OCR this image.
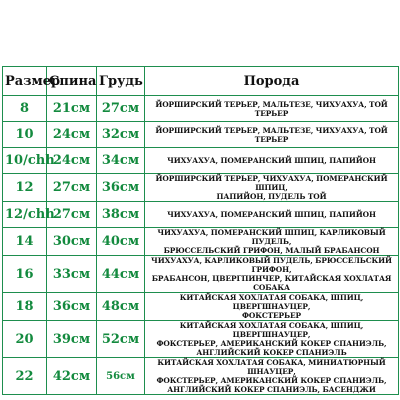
Размер	Спина	Грудь	Порода
8	21см	27см	ЙОРШИРСКИЙ ТЕРЬЕР, МАЛЬТЕЗЕ, ЧИХУАХУА, ТОЙ ТЕРЬЕР

10	24см	32см	ЙОРШИРСКИЙ ТЕРЬЕР, МАЛЬТЕЗЕ, ЧИХУАХУА, ТОЙ ТЕРЬЕР

10/chh	24см	34см	ЧИХУАХУА, ПОМЕРАНСКИЙ ШПИЦ, ПАПИЙОН

12	27см	36см	ЙОРШИРСКИЙ ТЕРЬЕР, ЧИХУАХУА, ПОМЕРАНСКИЙ ШПИЦ,
ПАПИЙОН, ПУДЕЛЬ ТОЙ

12/chh	27см	38см	ЧИХУАХУА, ПОМЕРАНСКИЙ ШПИЦ, ПАПИЙОН

14	30см	40см	ЧИХУАХУА, ПОМЕРАНСКИЙ ШПИЦ, КАРЛИКОВЫЙ ПУДЕЛЬ,
БРЮССЕЛЬСКИЙ ГРИФОН, МАЛЫЙ БРАБАНСОН

16	33см	44см	ЧИХУАХУА, КАРЛИКОВЫЙ ПУДЕЛЬ, БРЮССЕЛЬСКИЙ ГРИФОН,
БРАБАНСОН, ЦВЕРГПИНЧЕР, КИТАЙСКАЯ ХОХЛАТАЯ СОБАКА

18	36см	48см	КИТАЙСКАЯ ХОХЛАТАЯ СОБАКА, ШПИЦ, ЦВЕРГШНАУЦЕР,
ФОКСТЕРЬЕР

20	39см	52см	КИТАЙСКАЯ ХОХЛАТАЯ СОБАКА, ШПИЦ, ЦВЕРГШНАУЦЕР,
ФОКСТЕРЬЕР, АМЕРИКАНСКИЙ КОКЕР СПАНИЭЛЬ,
АНГЛИЙСКИЙ КОКЕР СПАНИЭЛЬ

22	42см	56см	КИТАЙСКАЯ ХОХЛАТАЯ СОБАКА, МИНИАТЮРНЫЙ ШНАУЦЕР,
ФОКСТЕРЬЕР, АМЕРИКАНСКИЙ КОКЕР СПАНИЭЛЬ,
АНГЛИЙСКИЙ КОКЕР СПАНИЭЛЬ, БАСЕНДЖИ
